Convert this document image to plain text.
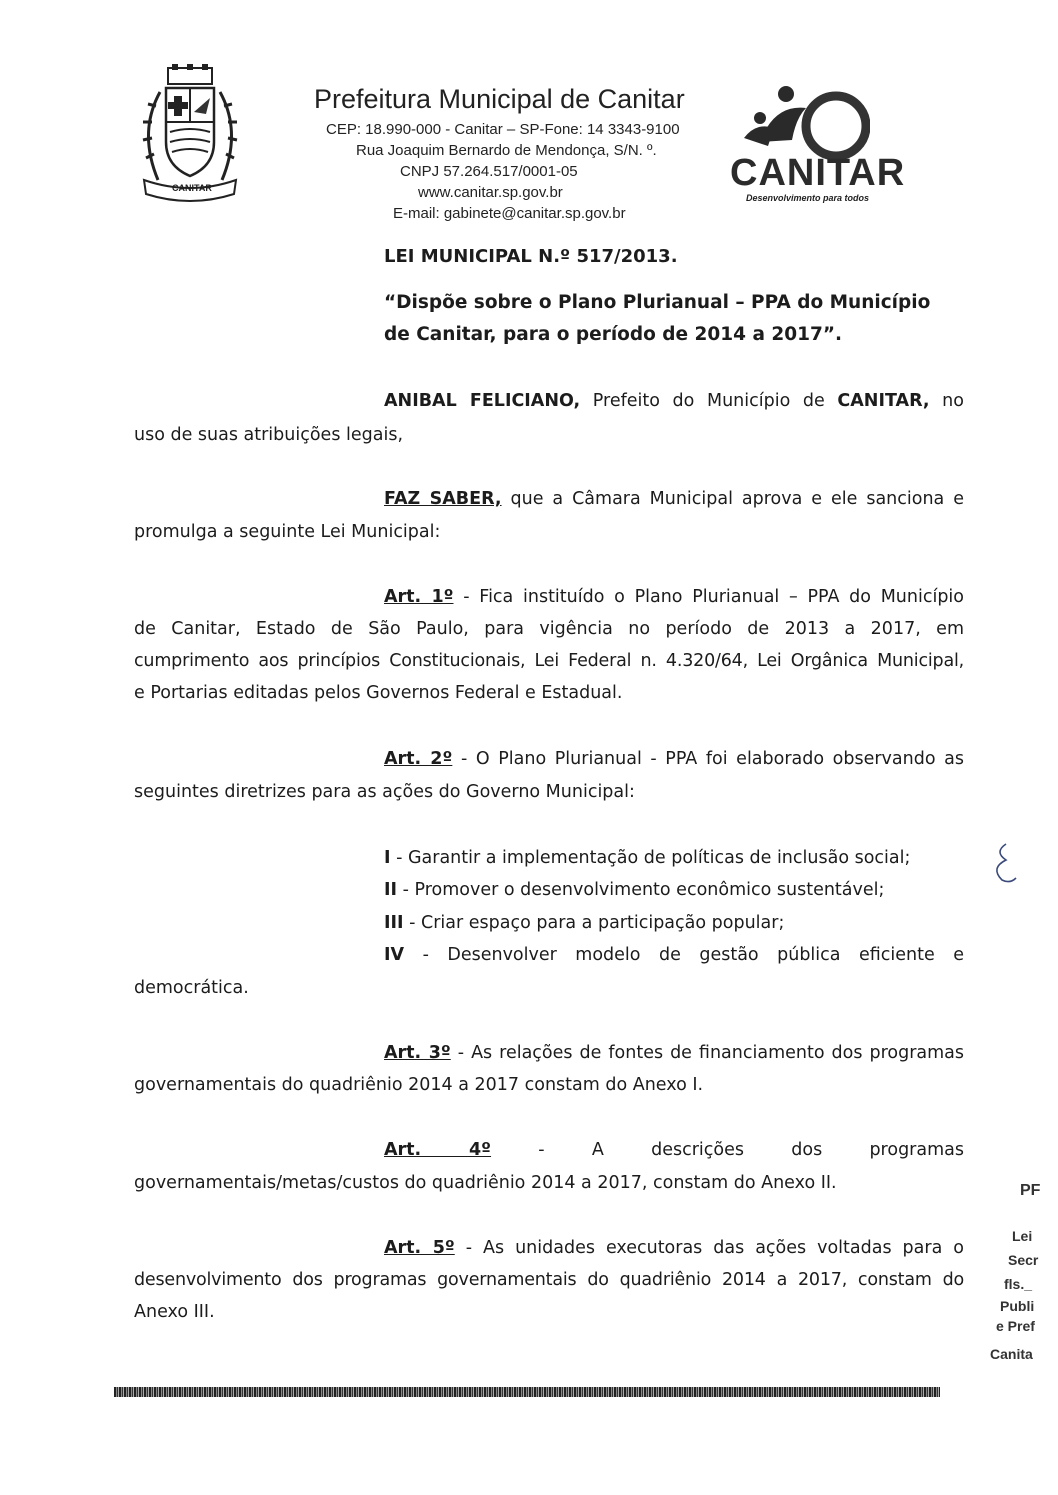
CANITAR
Prefeitura Municipal de Canitar
CEP: 18.990-000 - Canitar – SP-Fone: 14 3343-9100
Rua Joaquim Bernardo de Mendonça, S/N. º.
CNPJ 57.264.517/0001-05
www.canitar.sp.gov.br
E-mail: gabinete@canitar.sp.gov.br
CANITAR
Desenvolvimento para todos
LEI MUNICIPAL N.º 517/2013.
“Dispõe sobre o Plano Plurianual – PPA do Município
de Canitar, para o período de 2014 a 2017”.
ANIBAL FELICIANO, Prefeito do Município de CANITAR, no
uso de suas atribuições legais,
FAZ SABER, que a Câmara Municipal aprova e ele sanciona e
promulga a seguinte Lei Municipal:
Art. 1º - Fica instituído o Plano Plurianual – PPA do Município
de Canitar, Estado de São Paulo, para vigência no período de 2013 a 2017, em
cumprimento aos princípios Constitucionais, Lei Federal n. 4.320/64, Lei Orgânica Municipal,
e Portarias editadas pelos Governos Federal e Estadual.
Art. 2º - O Plano Plurianual - PPA foi elaborado observando as
seguintes diretrizes para as ações do Governo Municipal:
I - Garantir a implementação de políticas de inclusão social;
II - Promover o desenvolvimento econômico sustentável;
III - Criar espaço para a participação popular;
IV - Desenvolver modelo de gestão pública eficiente e
democrática.
Art. 3º - As relações de fontes de financiamento dos programas
governamentais do quadriênio 2014 a 2017 constam do Anexo I.
Art. 4º	- A descrições dos programas
governamentais/metas/custos do quadriênio 2014 a 2017, constam do Anexo II.
Art. 5º - As unidades executoras das ações voltadas para o
desenvolvimento dos programas governamentais do quadriênio 2014 a 2017, constam do
Anexo III.
PF
Lei
Secr
fls._
Publi
e Pref
Canita
